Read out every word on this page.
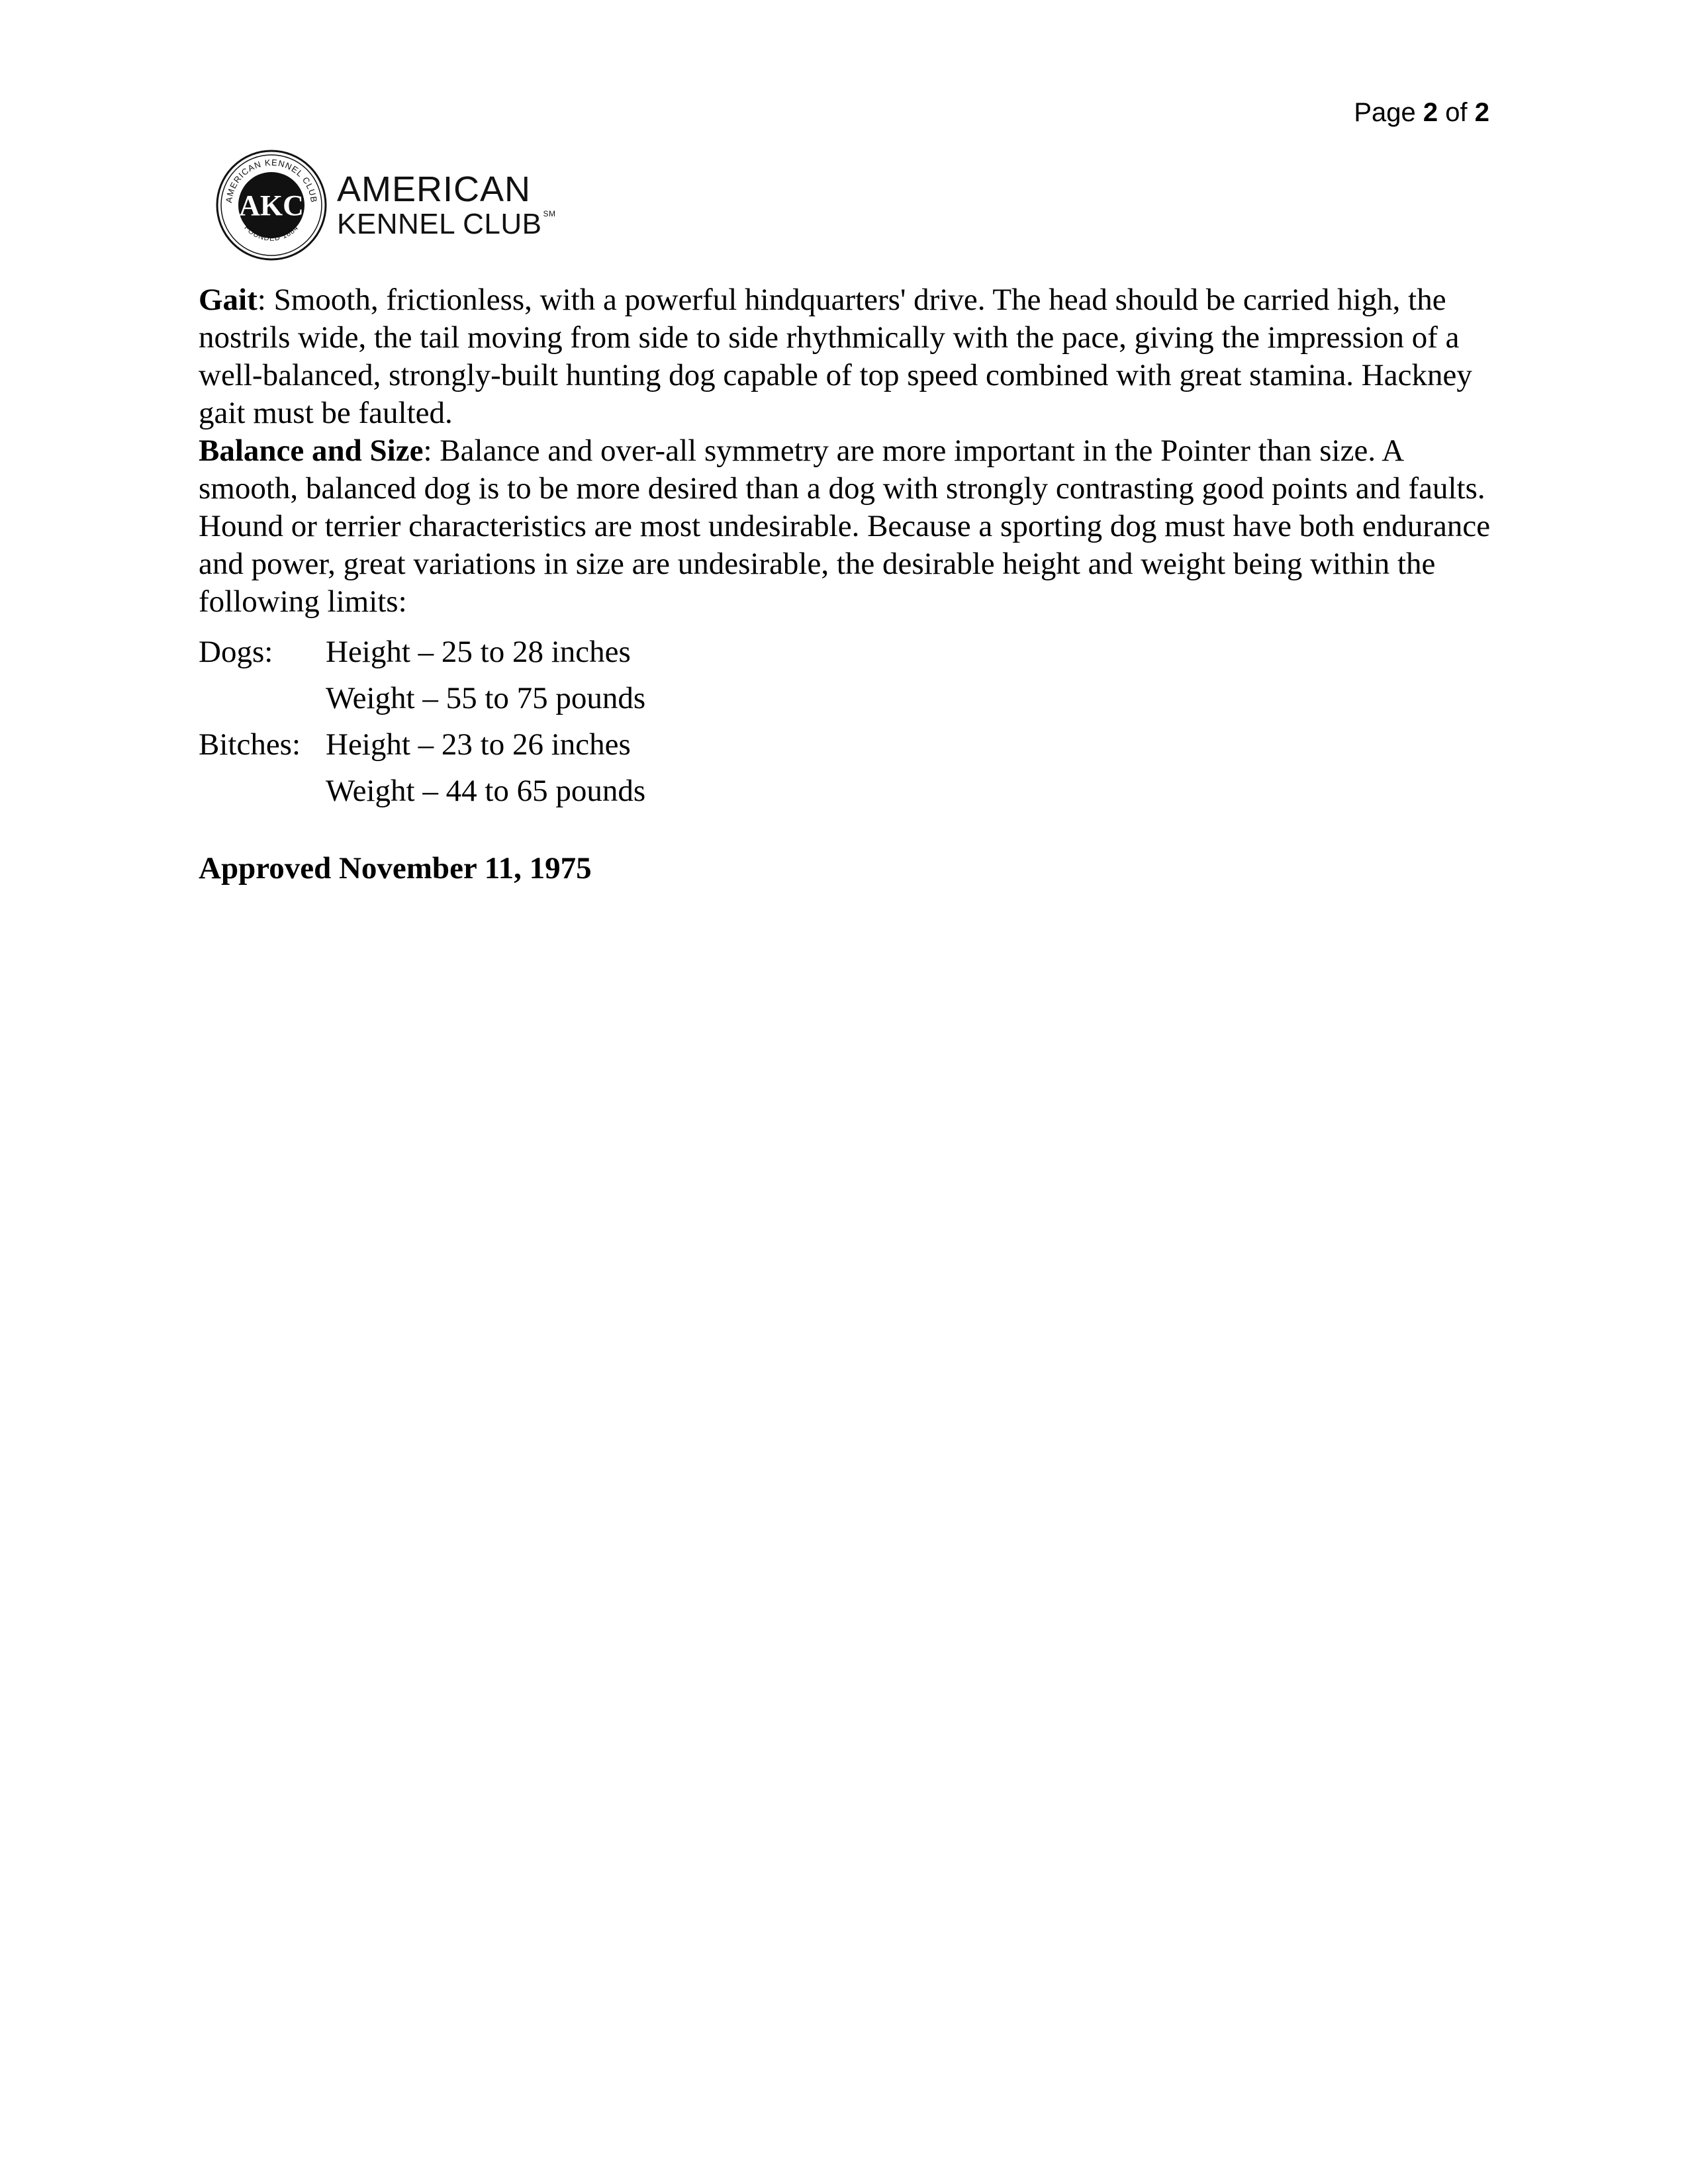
Page 2 of 2
AMERICAN KENNEL CLUB
FOUNDED 1884
AKC AMERICAN
KENNEL CLUB ℠

Gait: Smooth, frictionless, with a powerful hindquarters' drive. The head should be carried high, the nostrils wide, the tail moving from side to side rhythmically with the pace, giving the impression of a well-balanced, strongly-built hunting dog capable of top speed combined with great stamina. Hackney gait must be faulted.

Balance and Size: Balance and over-all symmetry are more important in the Pointer than size. A smooth, balanced dog is to be more desired than a dog with strongly contrasting good points and faults. Hound or terrier characteristics are most undesirable. Because a sporting dog must have both endurance and power, great variations in size are undesirable, the desirable height and weight being within the following limits:

Dogs:	Height – 25 to 28 inches
Weight – 55 to 75 pounds
Bitches: Height – 23 to 26 inches
Weight – 44 to 65 pounds

Approved November 11, 1975
